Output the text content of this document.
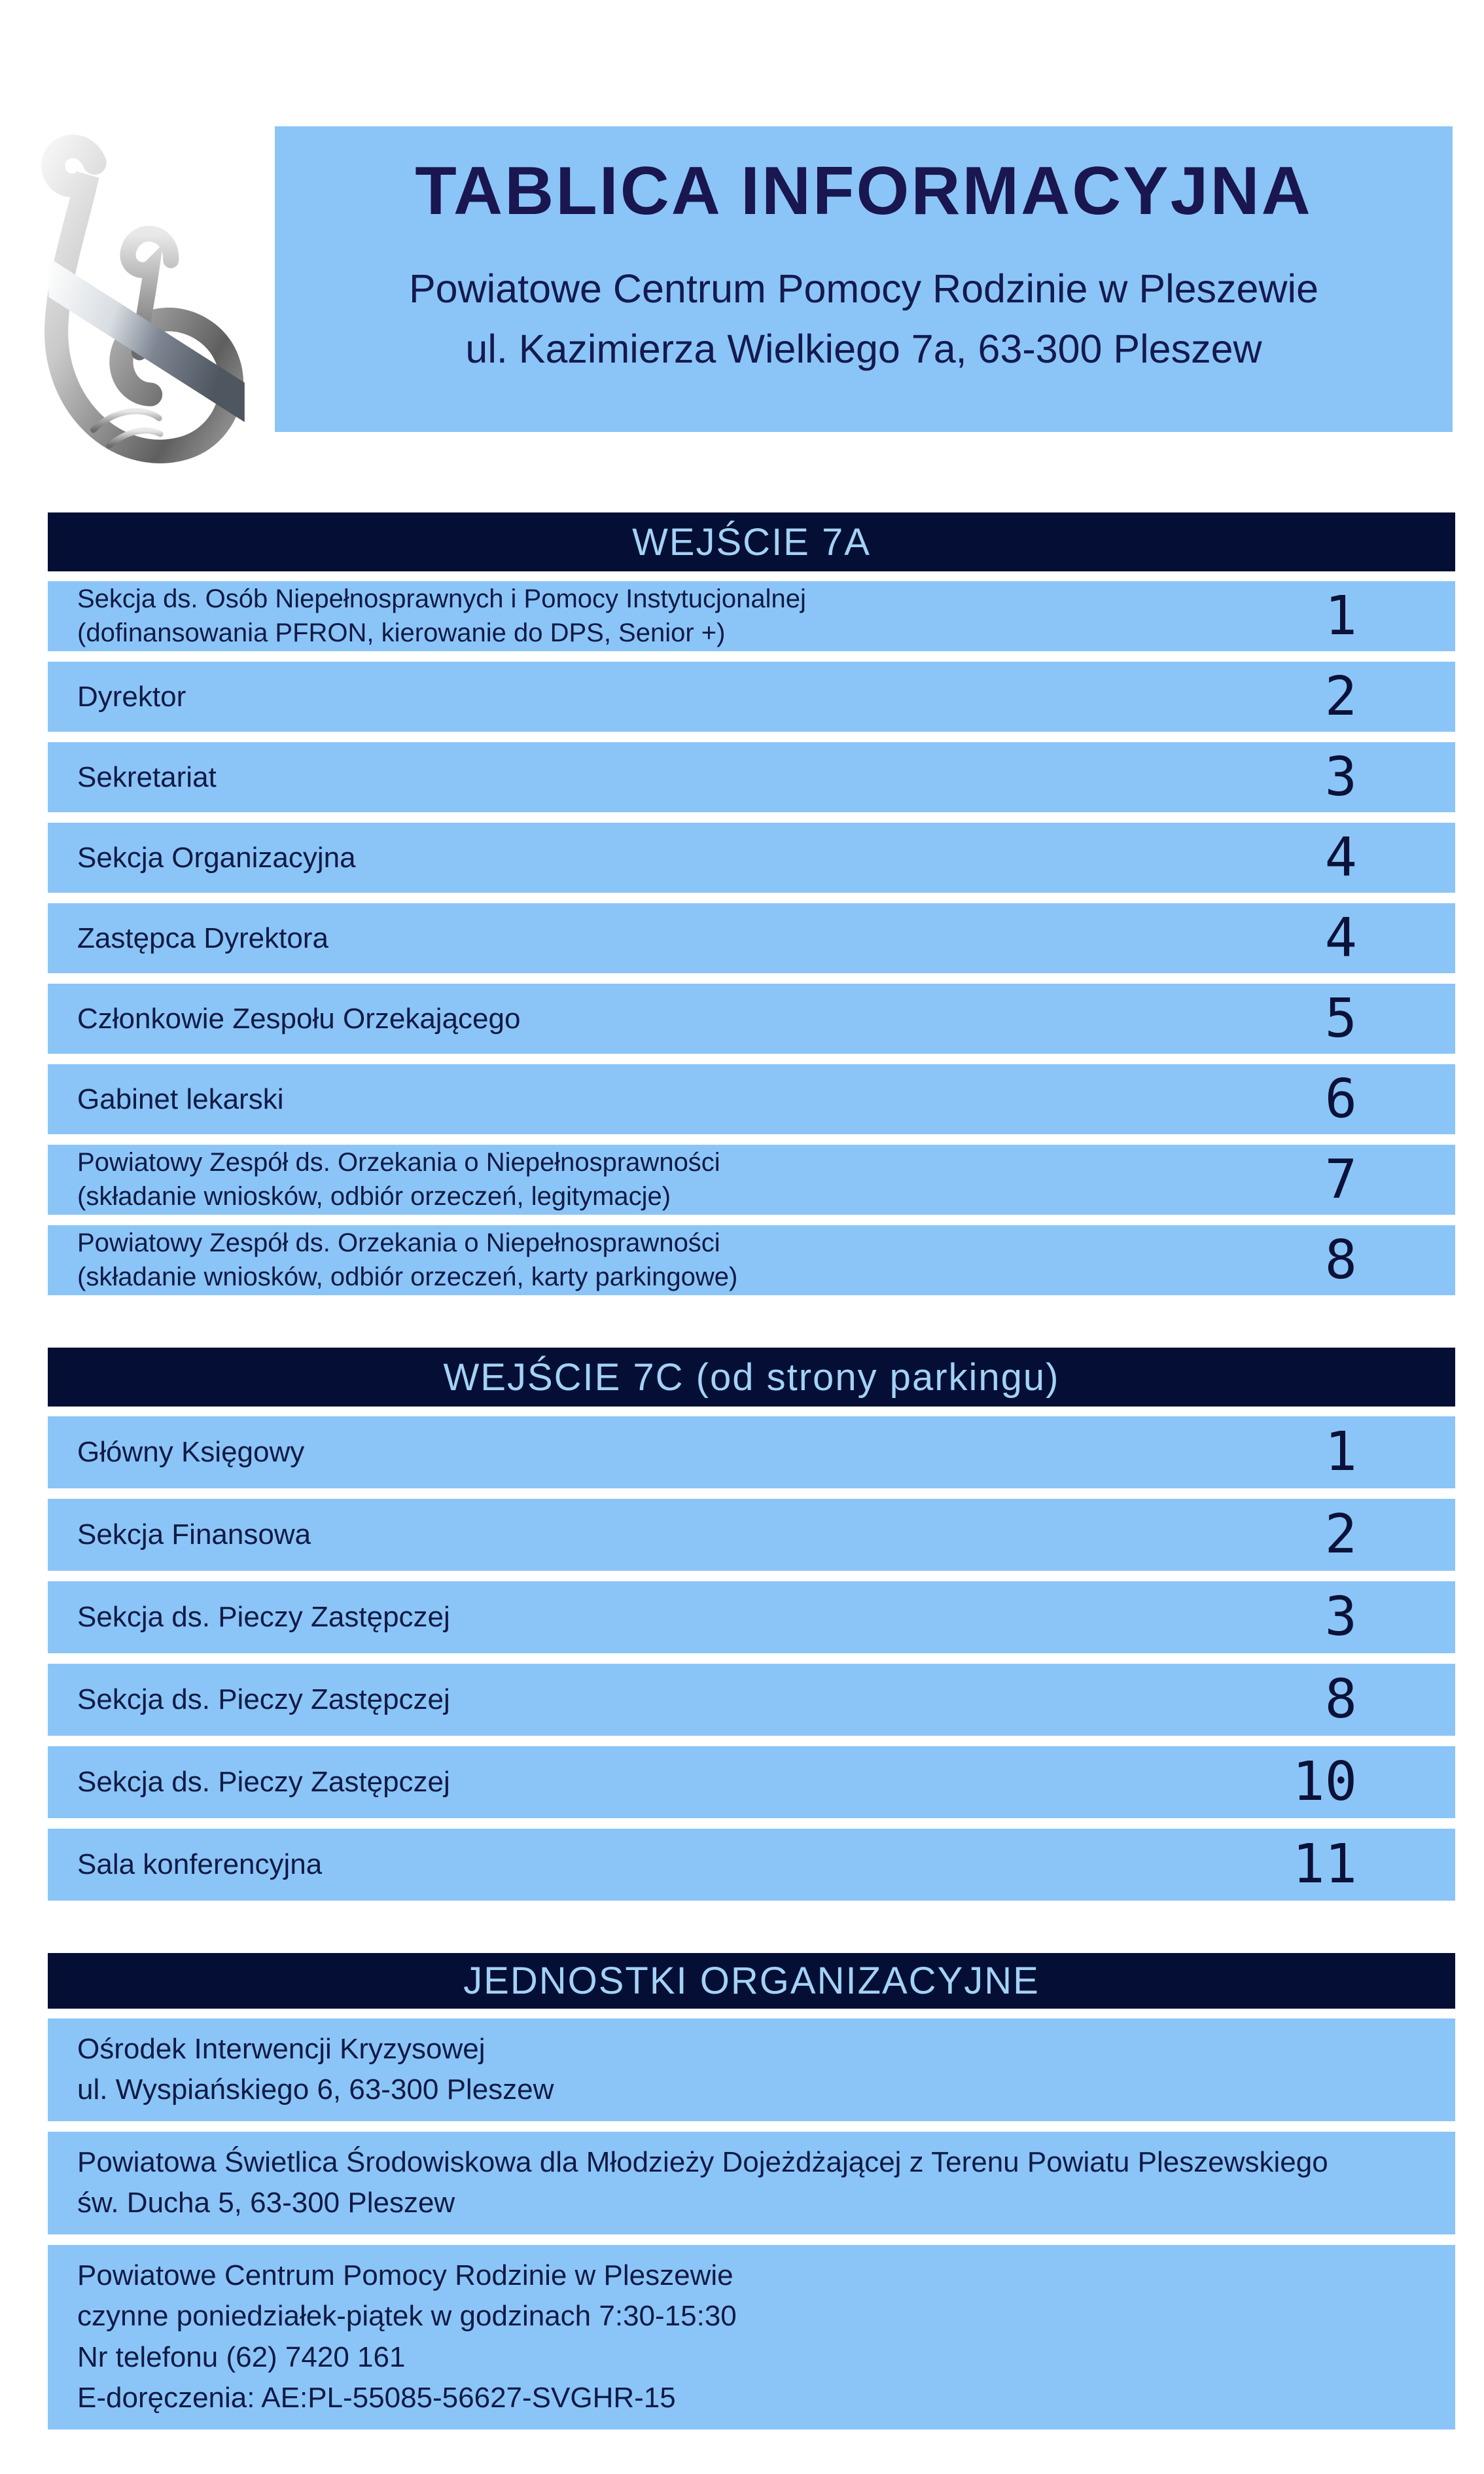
TABLICA INFORMACYJNA
Powiatowe Centrum Pomocy Rodzinie w Pleszewie
ul. Kazimierza Wielkiego 7a, 63-300 Pleszew
WEJŚCIE 7A
Sekcja ds. Osób Niepełnosprawnych i Pomocy Instytucjonalnej
(dofinansowania PFRON, kierowanie do DPS, Senior +)	1
Dyrektor	2
Sekretariat	3
Sekcja Organizacyjna	4
Zastępca Dyrektora	4
Członkowie Zespołu Orzekającego	5
Gabinet lekarski	6
Powiatowy Zespół ds. Orzekania o Niepełnosprawności
(składanie wniosków, odbiór orzeczeń, legitymacje)	7
Powiatowy Zespół ds. Orzekania o Niepełnosprawności
(składanie wniosków, odbiór orzeczeń, karty parkingowe)	8
WEJŚCIE 7C (od strony parkingu)
Główny Księgowy	1
Sekcja Finansowa	2
Sekcja ds. Pieczy Zastępczej	3
Sekcja ds. Pieczy Zastępczej	8
Sekcja ds. Pieczy Zastępczej	10
Sala konferencyjna	11
JEDNOSTKI ORGANIZACYJNE
Ośrodek Interwencji Kryzysowej
ul. Wyspiańskiego 6, 63-300 Pleszew
Powiatowa Świetlica Środowiskowa dla Młodzieży Dojeżdżającej z Terenu Powiatu Pleszewskiego
św. Ducha 5, 63-300 Pleszew
Powiatowe Centrum Pomocy Rodzinie w Pleszewie
czynne poniedziałek-piątek w godzinach 7:30-15:30
Nr telefonu (62) 7420 161
E-doręczenia: AE:PL-55085-56627-SVGHR-15
